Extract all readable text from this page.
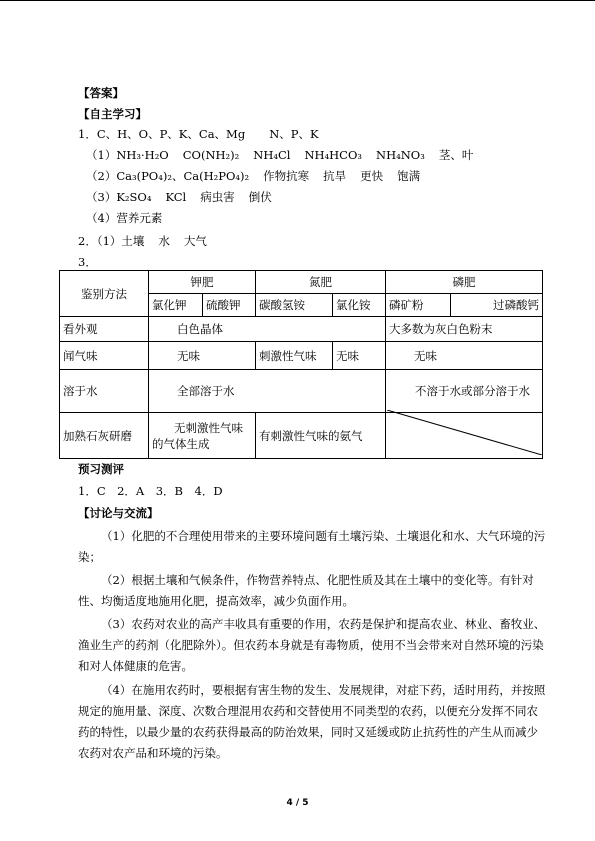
【答案】
【自主学习】
1．C、H、O、P、K、Ca、Mg N、P、K
（1）NH₃·H₂O CO(NH₂)₂ NH₄Cl NH₄HCO₃ NH₄NO₃ 茎、叶
（2）Ca₃(PO₄)₂、Ca(H₂PO₄)₂ 作物抗寒 抗旱 更快 饱满
（3）K₂SO₄ KCl 病虫害 倒伏
（4）营养元素
2．（1）土壤 水 大气
3．
鉴别方法	钾肥		氮肥		磷肥	
	氯化钾	硫酸钾	碳酸氢铵	氯化铵	磷矿粉	过磷酸钙
看外观	白色晶体				大多数为灰白色粉末	
闻气味	无味		刺激性气味	无味	无味	
溶于水	全部溶于水				不溶于水或部分溶于水	
加熟石灰研磨	无刺激性气味的气体生成		有刺激性气味的氨气			
预习测评
1．C　2．A　3．B　4．D
【讨论与交流】
（1）化肥的不合理使用带来的主要环境问题有土壤污染、土壤退化和水、大气环境的污染；
（2）根据土壤和气候条件，作物营养特点、化肥性质及其在土壤中的变化等。有针对性、均衡适度地施用化肥，提高效率，减少负面作用。
（3）农药对农业的高产丰收具有重要的作用，农药是保护和提高农业、林业、畜牧业、渔业生产的药剂（化肥除外）。但农药本身就是有毒物质，使用不当会带来对自然环境的污染和对人体健康的危害。
（4）在施用农药时，要根据有害生物的发生、发展规律，对症下药，适时用药，并按照规定的施用量、深度、次数合理混用农药和交替使用不同类型的农药，以便充分发挥不同农药的特性，以最少量的农药获得最高的防治效果，同时又延缓或防止抗药性的产生从而减少农药对农产品和环境的污染。
4 / 5
